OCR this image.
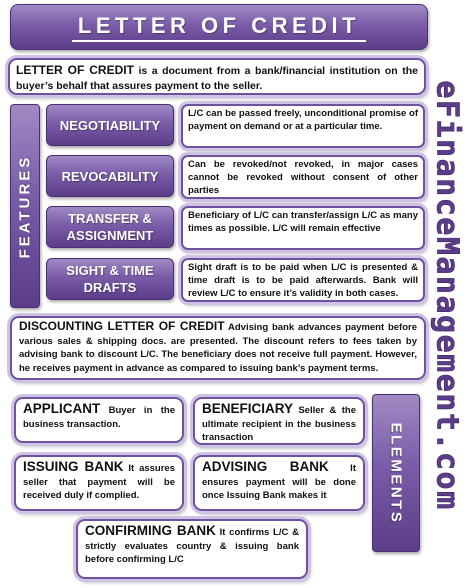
LETTER OF CREDIT
eFinanceManagement.com
LETTER OF CREDIT is a document from a bank/financial institution on the buyer’s behalf that assures payment to the seller.
FEATURES
NEGOTIABILITY
L/C can be passed freely, unconditional promise of payment on demand or at a particular time.
REVOCABILITY
Can be revoked/not revoked, in major cases cannot be revoked without consent of other parties
TRANSFER & ASSIGNMENT
Beneficiary of L/C can transfer/assign L/C as many times as possible. L/C will remain effective
SIGHT & TIME DRAFTS
Sight draft is to be paid when L/C is presented & time draft is to be paid afterwards. Bank will review L/C to ensure it’s validity in both cases.
DISCOUNTING LETTER OF CREDIT Advising bank advances payment before various sales & shipping docs. are presented. The discount refers to fees taken by advising bank to discount L/C. The beneficiary does not receive full payment. However, he receives payment in advance as compared to issuing bank’s payment terms.
ELEMENTS
APPLICANT Buyer in the business transaction.
BENEFICIARY Seller & the ultimate recipient in the business transaction
ISSUING BANK It assures seller that payment will be received duly if complied.
ADVISING BANK It ensures payment will be done once Issuing Bank makes it
CONFIRMING BANK It confirms L/C & strictly evaluates country & issuing bank before confirming L/C
